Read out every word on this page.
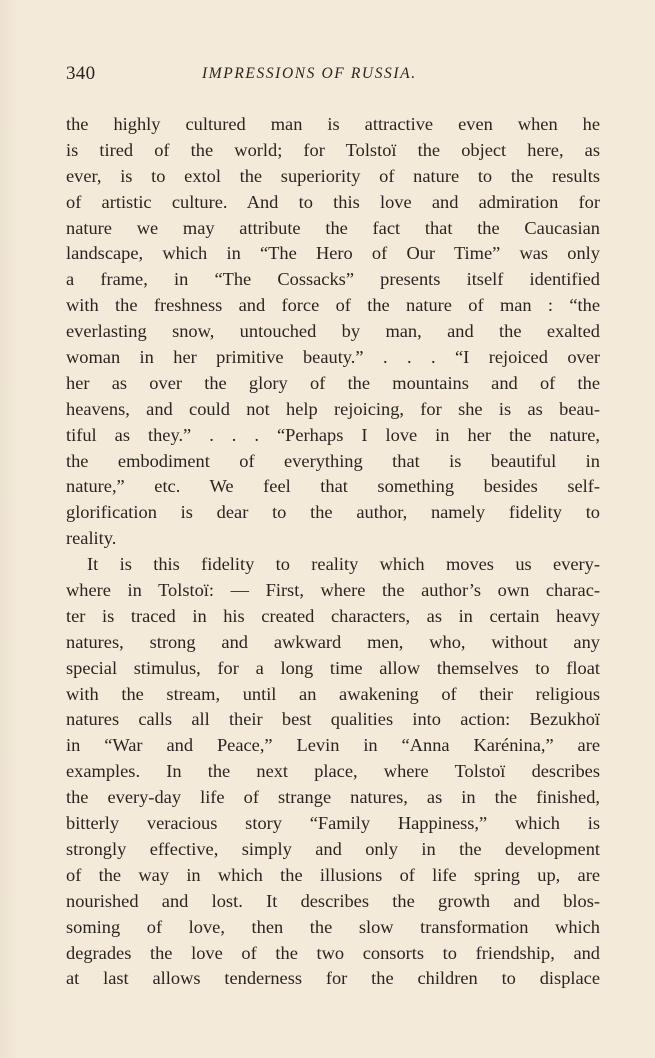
340	IMPRESSIONS OF RUSSIA.
the highly cultured man is attractive even when he
is tired of the world; for Tolstoï the object here, as
ever, is to extol the superiority of nature to the results
of artistic culture. And to this love and admiration for
nature we may attribute the fact that the Caucasian
landscape, which in “The Hero of Our Time” was only
a frame, in “The Cossacks” presents itself identified
with the freshness and force of the nature of man : “the
everlasting snow, untouched by man, and the exalted
woman in her primitive beauty.” . . . “I rejoiced over
her as over the glory of the mountains and of the
heavens, and could not help rejoicing, for she is as beau-
tiful as they.” . . . “Perhaps I love in her the nature,
the embodiment of everything that is beautiful in
nature,” etc. We feel that something besides self-
glorification is dear to the author, namely fidelity to
reality.
It is this fidelity to reality which moves us every-
where in Tolstoï: — First, where the author’s own charac-
ter is traced in his created characters, as in certain heavy
natures, strong and awkward men, who, without any
special stimulus, for a long time allow themselves to float
with the stream, until an awakening of their religious
natures calls all their best qualities into action: Bezukhoï
in “War and Peace,” Levin in “Anna Karénina,” are
examples. In the next place, where Tolstoï describes
the every-day life of strange natures, as in the finished,
bitterly veracious story “Family Happiness,” which is
strongly effective, simply and only in the development
of the way in which the illusions of life spring up, are
nourished and lost. It describes the growth and blos-
soming of love, then the slow transformation which
degrades the love of the two consorts to friendship, and
at last allows tenderness for the children to displace
